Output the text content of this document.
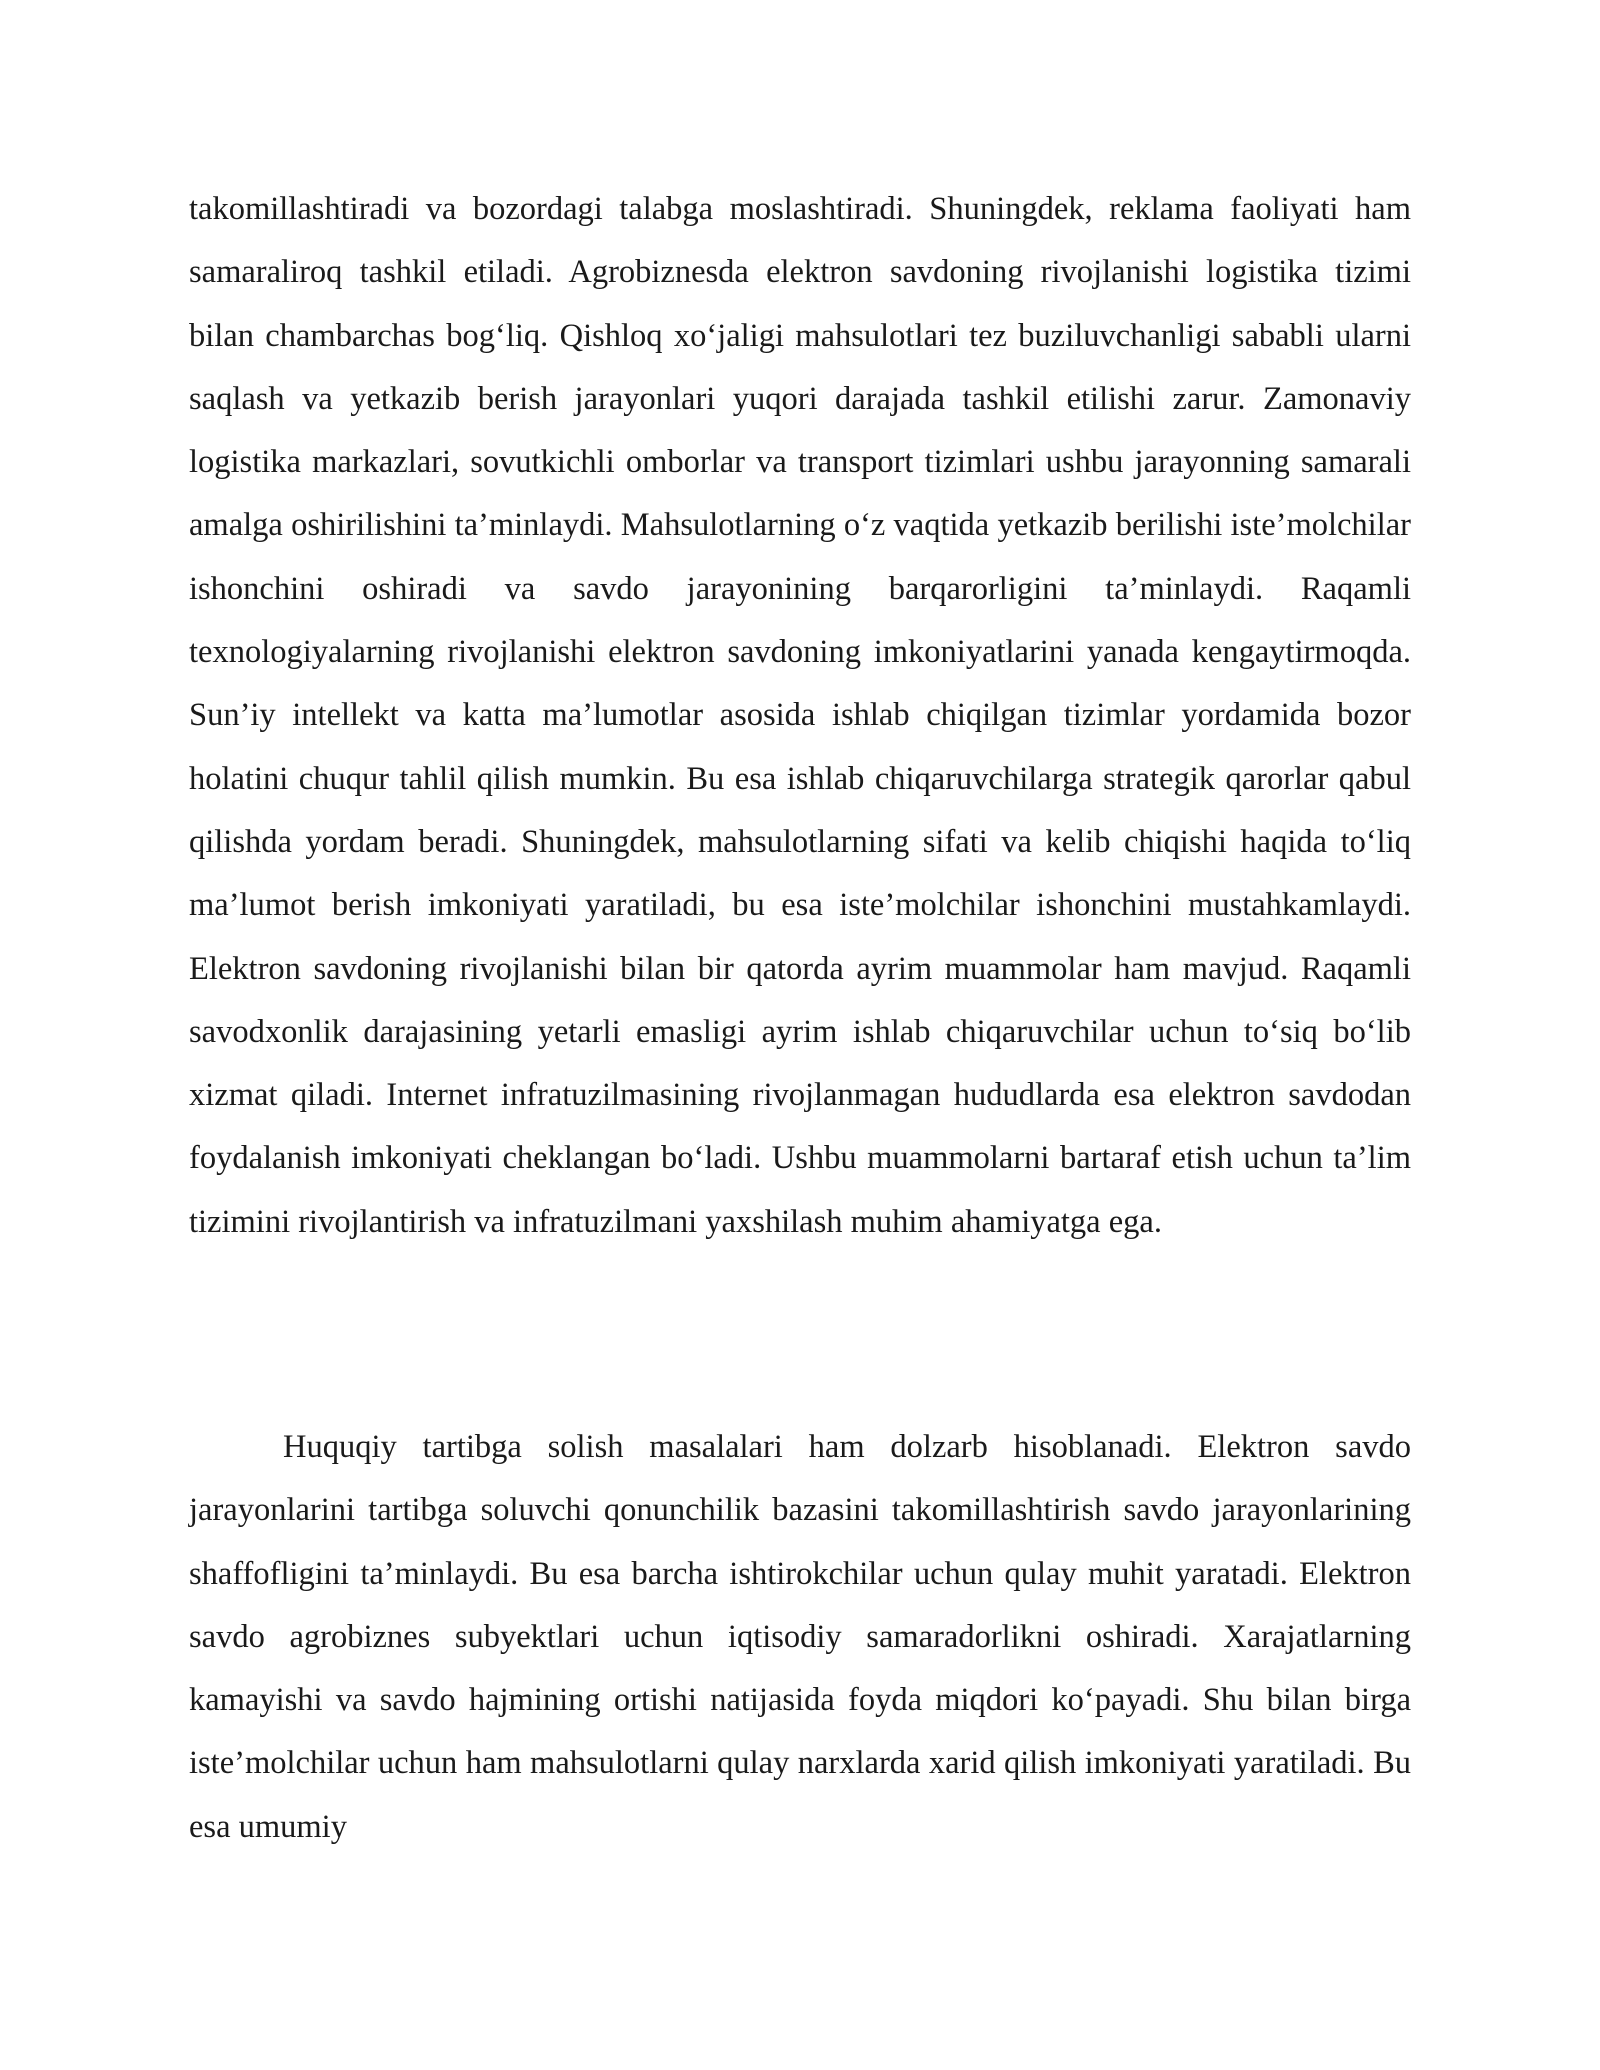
takomillashtiradi va bozordagi talabga moslashtiradi. Shuningdek, reklama faoliyati ham samaraliroq tashkil etiladi. Agrobiznesda elektron savdoning rivojlanishi logistika tizimi bilan chambarchas bog‘liq. Qishloq xo‘jaligi mahsulotlari tez buziluvchanligi sababli ularni saqlash va yetkazib berish jarayonlari yuqori darajada tashkil etilishi zarur. Zamonaviy logistika markazlari, sovutkichli omborlar va transport tizimlari ushbu jarayonning samarali amalga oshirilishini ta’minlaydi. Mahsulotlarning o‘z vaqtida yetkazib berilishi iste’molchilar ishonchini oshiradi va savdo jarayonining barqarorligini ta’minlaydi. Raqamli texnologiyalarning rivojlanishi elektron savdoning imkoniyatlarini yanada kengaytirmoqda. Sun’iy intellekt va katta ma’lumotlar asosida ishlab chiqilgan tizimlar yordamida bozor holatini chuqur tahlil qilish mumkin. Bu esa ishlab chiqaruvchilarga strategik qarorlar qabul qilishda yordam beradi. Shuningdek, mahsulotlarning sifati va kelib chiqishi haqida to‘liq ma’lumot berish imkoniyati yaratiladi, bu esa iste’molchilar ishonchini mustahkamlaydi. Elektron savdoning rivojlanishi bilan bir qatorda ayrim muammolar ham mavjud. Raqamli savodxonlik darajasining yetarli emasligi ayrim ishlab chiqaruvchilar uchun to‘siq bo‘lib xizmat qiladi. Internet infratuzilmasining rivojlanmagan hududlarda esa elektron savdodan foydalanish imkoniyati cheklangan bo‘ladi. Ushbu muammolarni bartaraf etish uchun ta’lim tizimini rivojlantirish va infratuzilmani yaxshilash muhim ahamiyatga ega.

Huquqiy tartibga solish masalalari ham dolzarb hisoblanadi. Elektron savdo jarayonlarini tartibga soluvchi qonunchilik bazasini takomillashtirish savdo jarayonlarining shaffofligini ta’minlaydi. Bu esa barcha ishtirokchilar uchun qulay muhit yaratadi. Elektron savdo agrobiznes subyektlari uchun iqtisodiy samaradorlikni oshiradi. Xarajatlarning kamayishi va savdo hajmining ortishi natijasida foyda miqdori ko‘payadi. Shu bilan birga iste’molchilar uchun ham mahsulotlarni qulay narxlarda xarid qilish imkoniyati yaratiladi. Bu esa umumiy
